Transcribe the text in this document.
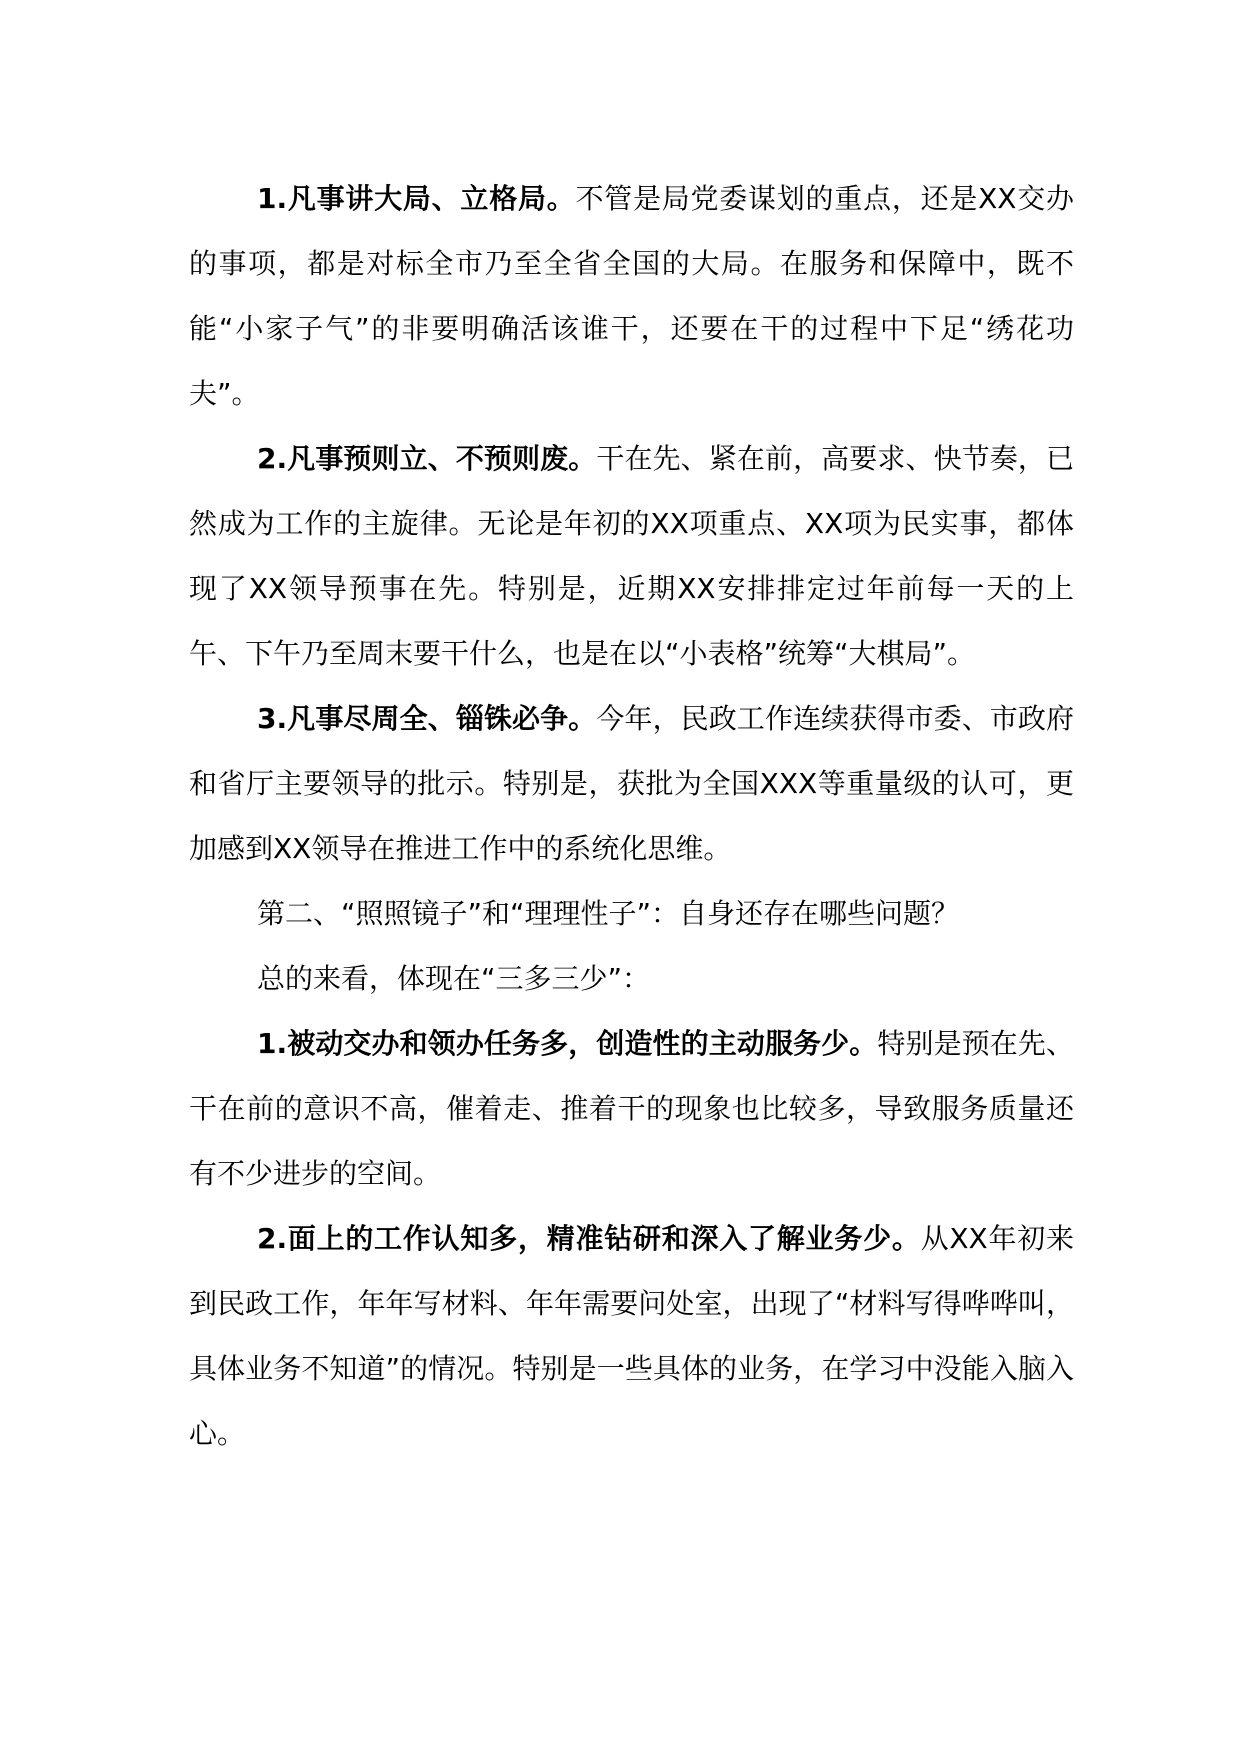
1.凡事讲大局、立格局。不管是局党委谋划的重点，还是XX交办的事项，都是对标全市乃至全省全国的大局。在服务和保障中，既不能“小家子气”的非要明确活该谁干，还要在干的过程中下足“绣花功夫”。

2.凡事预则立、不预则废。干在先、紧在前，高要求、快节奏，已然成为工作的主旋律。无论是年初的XX项重点、XX项为民实事，都体现了XX领导预事在先。特别是，近期XX安排排定过年前每一天的上午、下午乃至周末要干什么，也是在以“小表格”统筹“大棋局”。

3.凡事尽周全、锱铢必争。今年，民政工作连续获得市委、市政府和省厅主要领导的批示。特别是，获批为全国XXX等重量级的认可，更加感到XX领导在推进工作中的系统化思维。

第二、“照照镜子”和“理理性子”：自身还存在哪些问题？

总的来看，体现在“三多三少”：

1.被动交办和领办任务多，创造性的主动服务少。特别是预在先、干在前的意识不高，催着走、推着干的现象也比较多，导致服务质量还有不少进步的空间。

2.面上的工作认知多，精准钻研和深入了解业务少。从XX年初来到民政工作，年年写材料、年年需要问处室，出现了“材料写得哗哗叫，具体业务不知道”的情况。特别是一些具体的业务，在学习中没能入脑入心。
